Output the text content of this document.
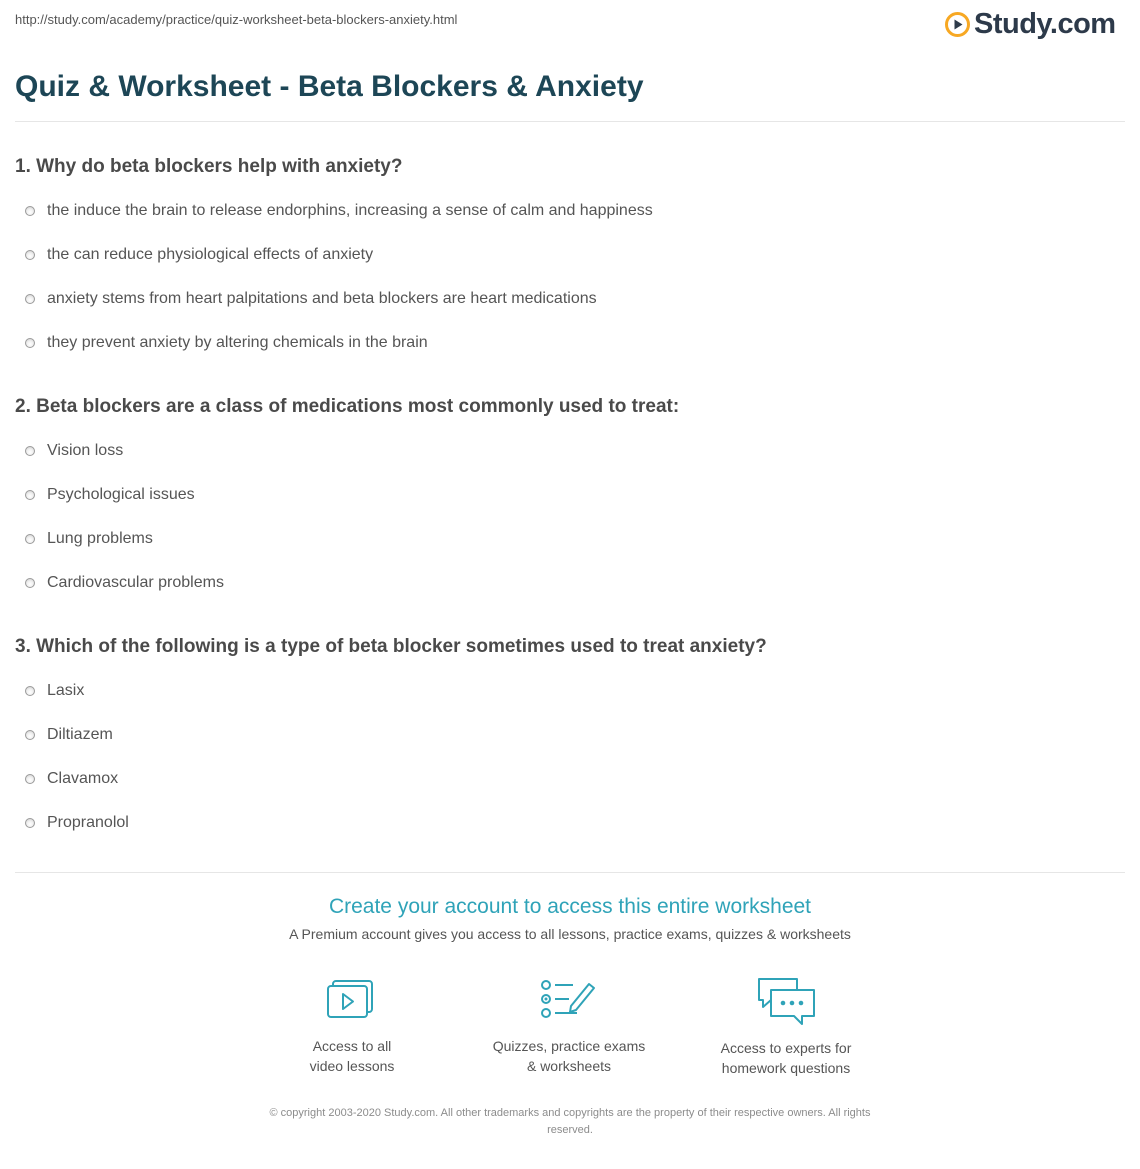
http://study.com/academy/practice/quiz-worksheet-beta-blockers-anxiety.html	Study.com
Quiz & Worksheet - Beta Blockers & Anxiety
1. Why do beta blockers help with anxiety?
the induce the brain to release endorphins, increasing a sense of calm and happiness
the can reduce physiological effects of anxiety
anxiety stems from heart palpitations and beta blockers are heart medications
they prevent anxiety by altering chemicals in the brain
2. Beta blockers are a class of medications most commonly used to treat:
Vision loss
Psychological issues
Lung problems
Cardiovascular problems
3. Which of the following is a type of beta blocker sometimes used to treat anxiety?
Lasix
Diltiazem
Clavamox
Propranolol
Create your account to access this entire worksheet
A Premium account gives you access to all lessons, practice exams, quizzes & worksheets
Access to all
video lessons
Quizzes, practice exams
& worksheets
Access to experts for
homework questions
© copyright 2003-2020 Study.com. All other trademarks and copyrights are the property of their respective owners. All rights
reserved.
